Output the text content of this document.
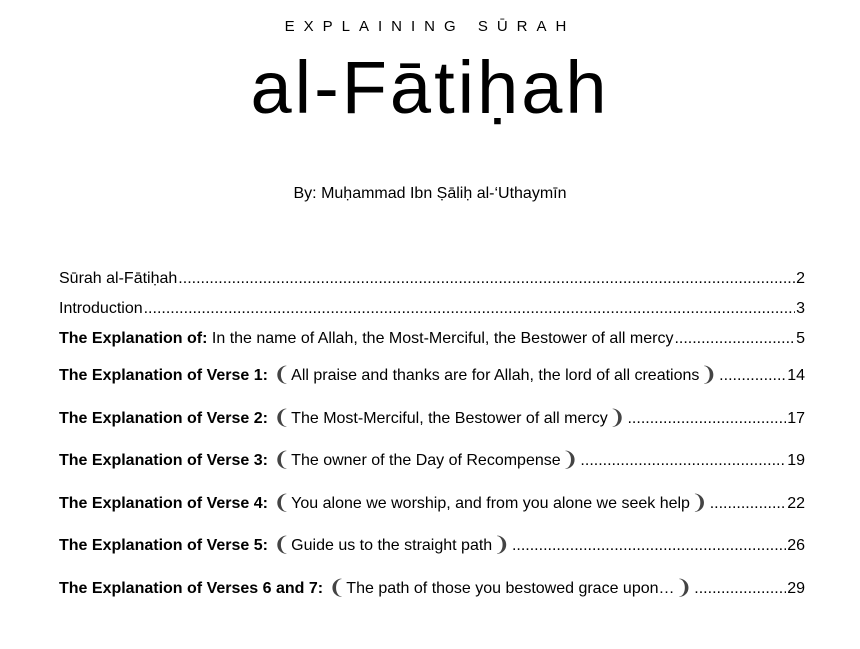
EXPLAINING SŪRAH
al-Fātiḥah
By: Muḥammad Ibn Ṣāliḥ al-‘Uthaymīn
Sūrah al-Fātiḥah .....	2
Introduction .....	3
The Explanation of: In the name of Allah, the Most-Merciful, the Bestower of all mercy .....	5
The Explanation of Verse 1: ❨All praise and thanks are for Allah, the lord of all creations❩ .....	14
The Explanation of Verse 2: ❨The Most-Merciful, the Bestower of all mercy❩ .....	17
The Explanation of Verse 3: ❨The owner of the Day of Recompense❩ .....	19
The Explanation of Verse 4: ❨You alone we worship, and from you alone we seek help❩ .....	22
The Explanation of Verse 5: ❨Guide us to the straight path❩ .....	26
The Explanation of Verses 6 and 7: ❨The path of those you bestowed grace upon…❩ .....	29
